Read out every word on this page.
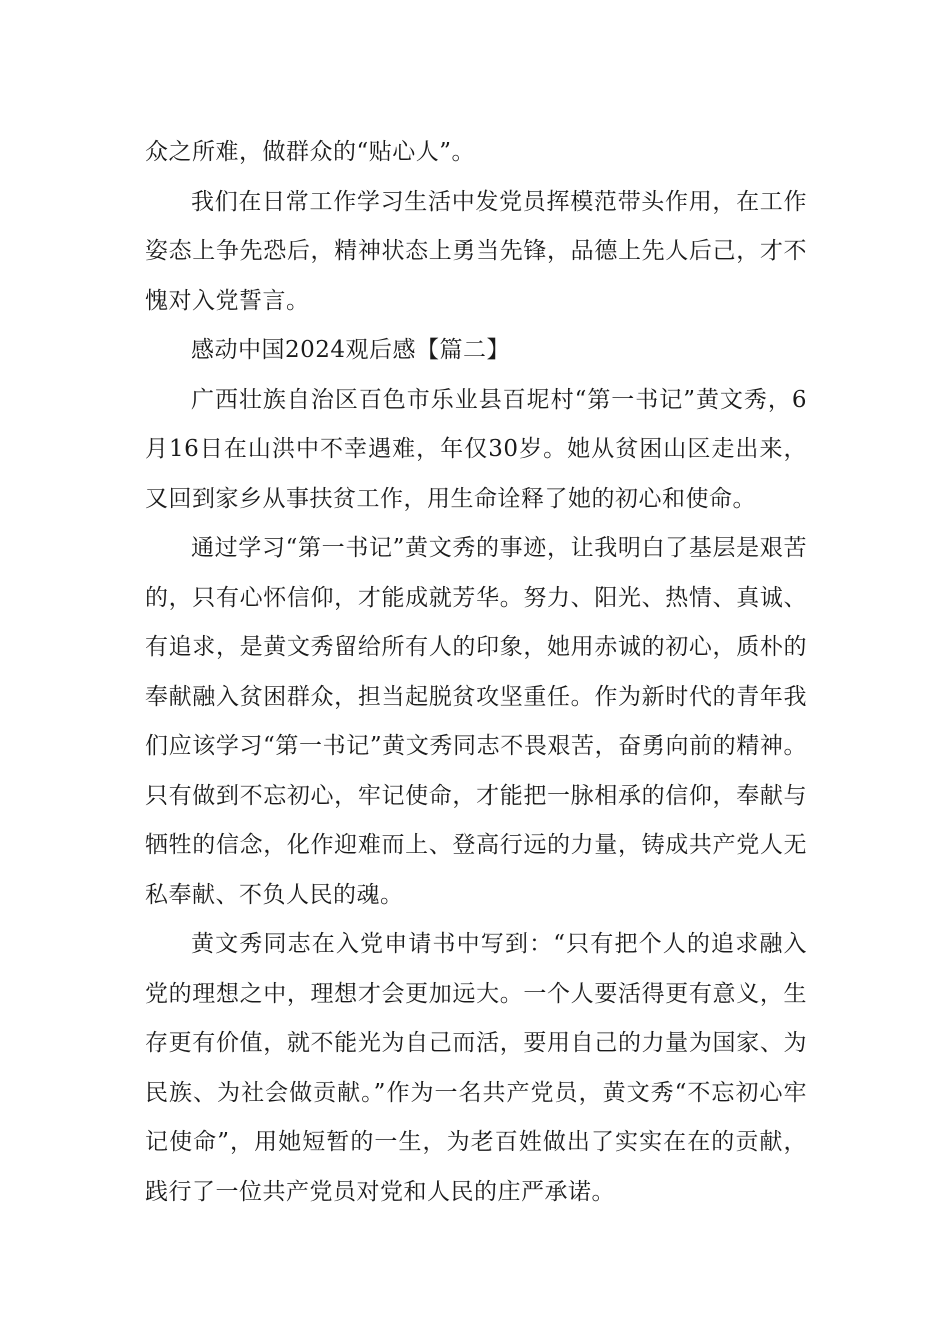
众之所难，做群众的“贴心人”。

我们在日常工作学习生活中发党员挥模范带头作用，在工作姿态上争先恐后，精神状态上勇当先锋，品德上先人后己，才不愧对入党誓言。

感动中国2024观后感【篇二】

广西壮族自治区百色市乐业县百坭村“第一书记”黄文秀，6月16日在山洪中不幸遇难，年仅30岁。她从贫困山区走出来，又回到家乡从事扶贫工作，用生命诠释了她的初心和使命。

通过学习“第一书记”黄文秀的事迹，让我明白了基层是艰苦的，只有心怀信仰，才能成就芳华。努力、阳光、热情、真诚、有追求，是黄文秀留给所有人的印象，她用赤诚的初心，质朴的奉献融入贫困群众，担当起脱贫攻坚重任。作为新时代的青年我们应该学习“第一书记”黄文秀同志不畏艰苦，奋勇向前的精神。只有做到不忘初心，牢记使命，才能把一脉相承的信仰，奉献与牺牲的信念，化作迎难而上、登高行远的力量，铸成共产党人无私奉献、不负人民的魂。

黄文秀同志在入党申请书中写到：“只有把个人的追求融入党的理想之中，理想才会更加远大。一个人要活得更有意义，生存更有价值，就不能光为自己而活，要用自己的力量为国家、为民族、为社会做贡献。”作为一名共产党员，黄文秀“不忘初心牢记使命”，用她短暂的一生，为老百姓做出了实实在在的贡献，践行了一位共产党员对党和人民的庄严承诺。
